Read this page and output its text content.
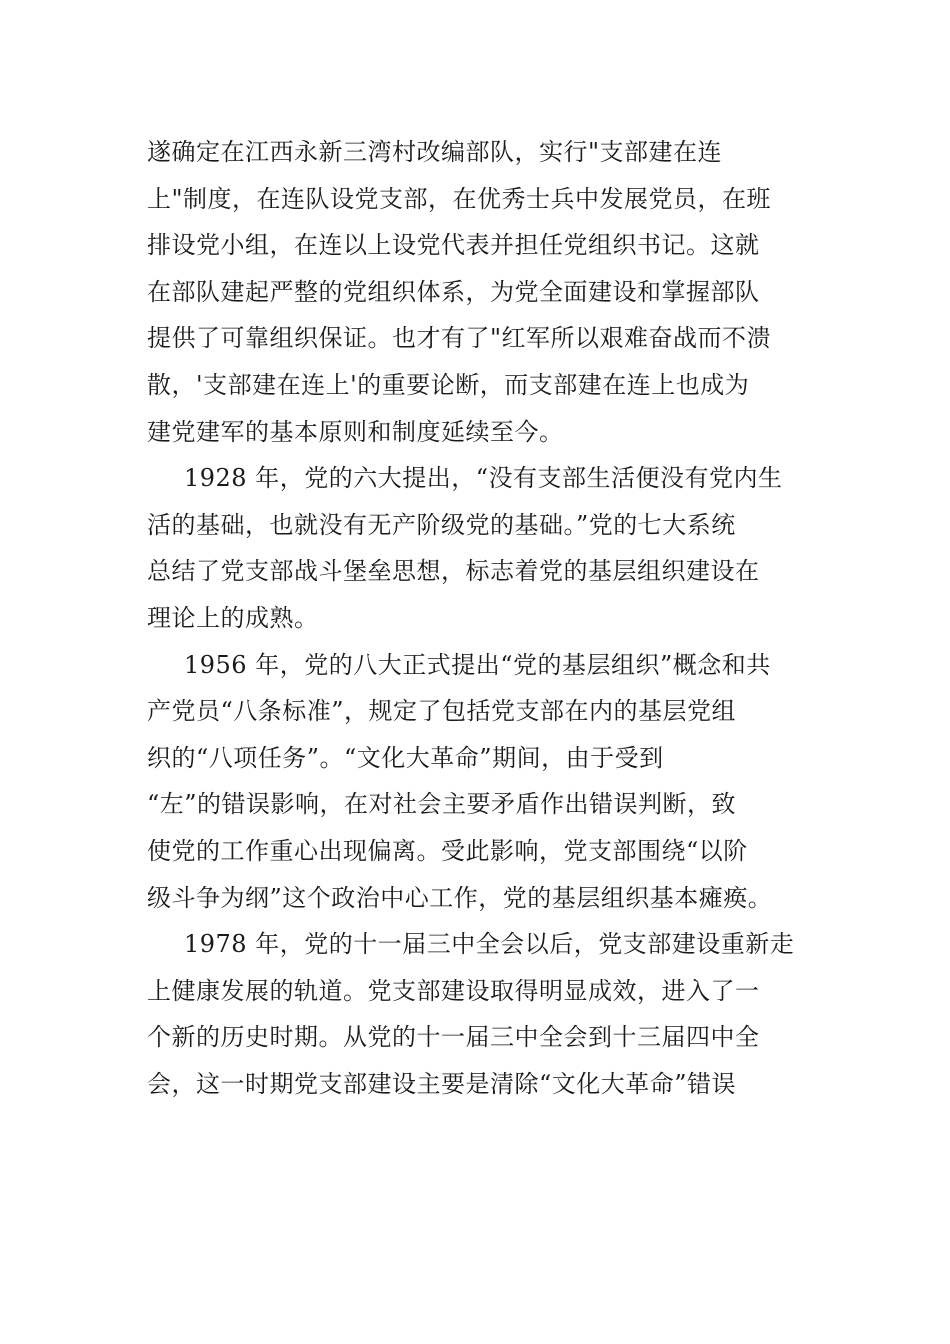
遂确定在江西永新三湾村改编部队，实行"支部建在连
上"制度，在连队设党支部，在优秀士兵中发展党员，在班
排设党小组，在连以上设党代表并担任党组织书记。这就
在部队建起严整的党组织体系，为党全面建设和掌握部队
提供了可靠组织保证。也才有了"红军所以艰难奋战而不溃
散，'支部建在连上'的重要论断，而支部建在连上也成为
建党建军的基本原则和制度延续至今。
1928 年，党的六大提出，“没有支部生活便没有党内生
活的基础，也就没有无产阶级党的基础。”党的七大系统
总结了党支部战斗堡垒思想，标志着党的基层组织建设在
理论上的成熟。
1956 年，党的八大正式提出“党的基层组织”概念和共
产党员“八条标准”，规定了包括党支部在内的基层党组
织的“八项任务”。“文化大革命”期间，由于受到
“左”的错误影响，在对社会主要矛盾作出错误判断，致
使党的工作重心出现偏离。受此影响，党支部围绕“以阶
级斗争为纲”这个政治中心工作，党的基层组织基本瘫痪。
1978 年，党的十一届三中全会以后，党支部建设重新走
上健康发展的轨道。党支部建设取得明显成效，进入了一
个新的历史时期。从党的十一届三中全会到十三届四中全
会，这一时期党支部建设主要是清除“文化大革命”错误
